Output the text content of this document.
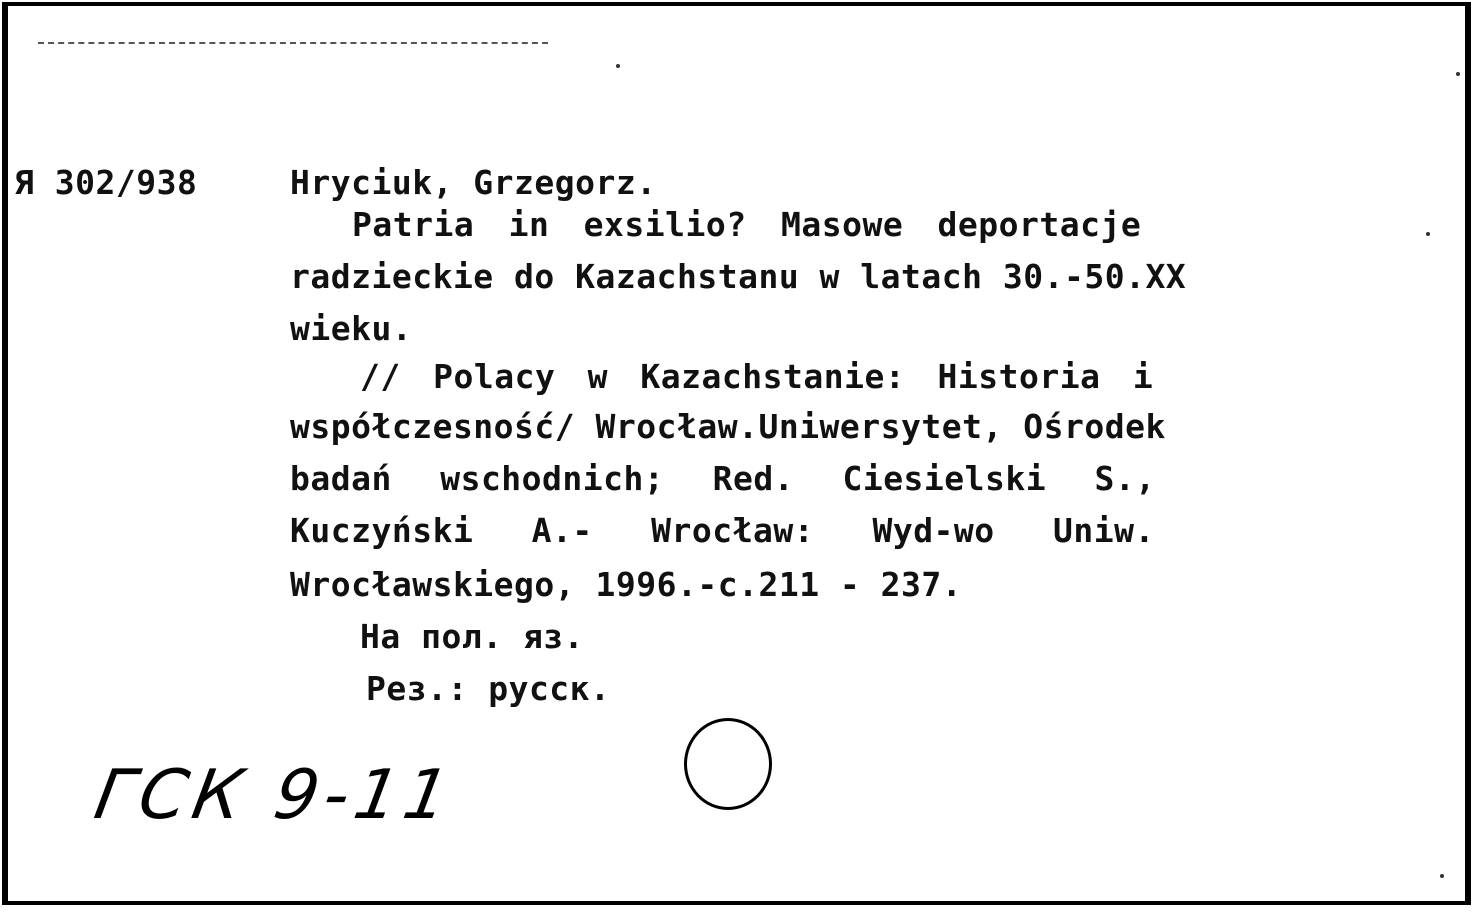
Я 302/938	Hryciuk, Grzegorz.
Patria in exsilio? Masowe deportacje
radzieckie do Kazachstanu w latach 30.-50.XX
wieku.
// Polacy w Kazachstanie: Historia i
współczesność/ Wrocław.Uniwersytet, Ośrodek
badań wschodnich; Red. Ciesielski S.,
Kuczyński A.- Wrocław: Wyd-wo Uniw.
Wrocławskiego, 1996.-c.211 - 237.
На пол. яз.
Рез.: русск.
ГСК 9-11
